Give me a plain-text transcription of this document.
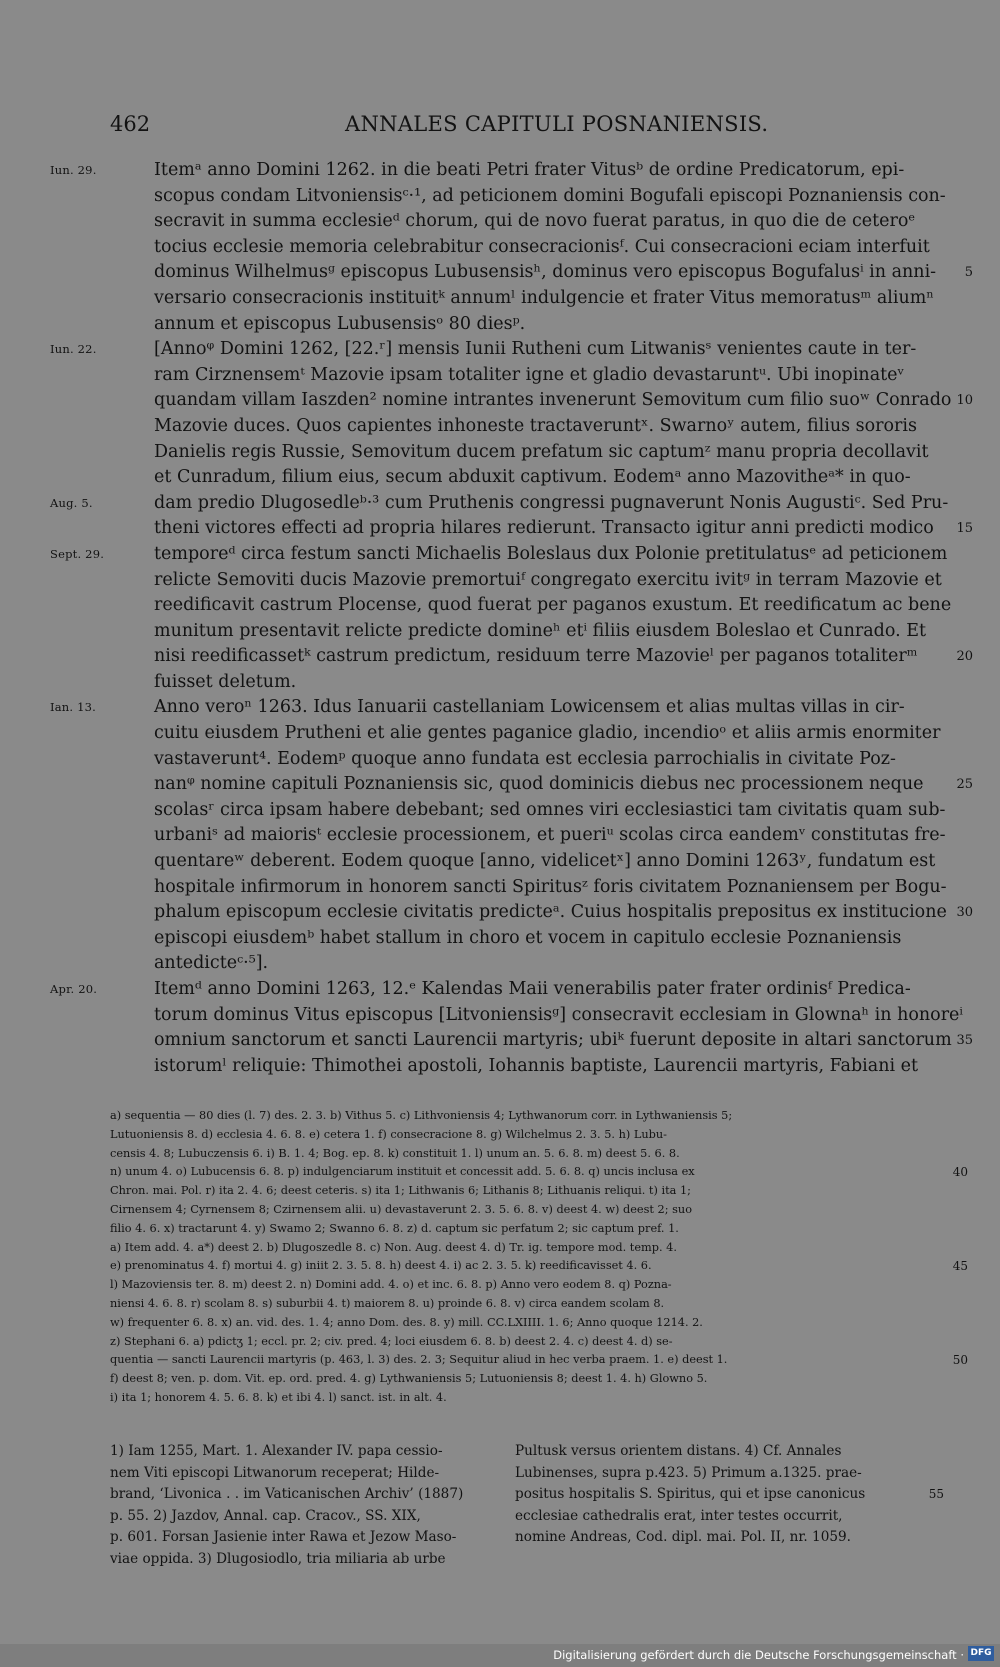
462	ANNALES CAPITULI POSNANIENSIS.
Iun. 29.	Itemᵃ anno Domini 1262. in die beati Petri frater Vitusᵇ de ordine Predicatorum, epi-
scopus condam Litvoniensisᶜ·¹, ad peticionem domini Bogufali episcopi Poznaniensis con-
secravit in summa ecclesieᵈ chorum, qui de novo fuerat paratus, in quo die de ceteroᵉ
tocius ecclesie memoria celebrabitur consecracionisᶠ. Cui consecracioni eciam interfuit
dominus Wilhelmusᵍ episcopus Lubusensisʰ, dominus vero episcopus Bogufalusⁱ in anni- 5
versario consecracionis instituitᵏ annumˡ indulgencie et frater Vitus memoratusᵐ aliumⁿ
annum et episcopus Lubusensisᵒ 80 diesᵖ.
Iun. 22.	[Annoᵠ Domini 1262, [22.ʳ] mensis Iunii Rutheni cum Litwanisˢ venientes caute in ter-
ram Cirznensemᵗ Mazovie ipsam totaliter igne et gladio devastaruntᵘ. Ubi inopinateᵛ
quandam villam Iaszden² nomine intrantes invenerunt Semovitum cum filio suoʷ Conrado 10
Mazovie duces. Quos capientes inhoneste tractaveruntˣ. Swarnoʸ autem, filius sororis
Danielis regis Russie, Semovitum ducem prefatum sic captumᶻ manu propria decollavit
et Cunradum, filium eius, secum abduxit captivum. Eodemᵃ anno Mazovitheᵃ* in quo-
Aug. 5.	dam predio Dlugosedleᵇ·³ cum Pruthenis congressi pugnaverunt Nonis Augustiᶜ. Sed Pru-
theni victores effecti ad propria hilares redierunt. Transacto igitur anni predicti modico	15
Sept. 29.	temporeᵈ circa festum sancti Michaelis Boleslaus dux Polonie pretitulatusᵉ ad peticionem
relicte Semoviti ducis Mazovie premortuiᶠ congregato exercitu ivitᵍ in terram Mazovie et
reedificavit castrum Plocense, quod fuerat per paganos exustum. Et reedificatum ac bene
munitum presentavit relicte predicte domineʰ etⁱ filiis eiusdem Boleslao et Cunrado. Et
nisi reedificassetᵏ castrum predictum, residuum terre Mazovieˡ per paganos totaliterᵐ	20
fuisset deletum.
Ian. 13.	Anno veroⁿ 1263. Idus Ianuarii castellaniam Lowicensem et alias multas villas in cir-
cuitu eiusdem Prutheni et alie gentes paganice gladio, incendioᵒ et aliis armis enormiter
vastaverunt⁴. Eodemᵖ quoque anno fundata est ecclesia parrochialis in civitate Poz-
nanᵠ nomine capituli Poznaniensis sic, quod dominicis diebus nec processionem neque	25
scolasʳ circa ipsam habere debebant; sed omnes viri ecclesiastici tam civitatis quam sub-
urbaniˢ ad maiorisᵗ ecclesie processionem, et pueriᵘ scolas circa eandemᵛ constitutas fre-
quentareʷ deberent. Eodem quoque [anno, videlicetˣ] anno Domini 1263ʸ, fundatum est
hospitale infirmorum in honorem sancti Spiritusᶻ foris civitatem Poznaniensem per Bogu-
phalum episcopum ecclesie civitatis predicteᵃ. Cuius hospitalis prepositus ex institucione 30
episcopi eiusdemᵇ habet stallum in choro et vocem in capitulo ecclesie Poznaniensis
antedicteᶜ·⁵].
Apr. 20.	Itemᵈ anno Domini 1263, 12.ᵉ Kalendas Maii venerabilis pater frater ordinisᶠ Predica-
torum dominus Vitus episcopus [Litvoniensisᵍ] consecravit ecclesiam in Glownaʰ in honoreⁱ
omnium sanctorum et sancti Laurencii martyris; ubiᵏ fuerunt deposite in altari sanctorum 35
istorumˡ reliquie: Thimothei apostoli, Iohannis baptiste, Laurencii martyris, Fabiani et
a) sequentia — 80 dies (l. 7) des. 2. 3. b) Vithus 5. c) Lithvoniensis 4; Lythwanorum corr. in Lythwaniensis 5;
Lutuoniensis 8. d) ecclesia 4. 6. 8. e) cetera 1. f) consecracione 8. g) Wilchelmus 2. 3. 5. h) Lubu-
censis 4. 8; Lubuczensis 6. i) B. 1. 4; Bog. ep. 8. k) constituit 1. l) unum an. 5. 6. 8. m) deest 5. 6. 8.
n) unum 4. o) Lubucensis 6. 8. p) indulgenciarum instituit et concessit add. 5. 6. 8. q) uncis inclusa ex	40
Chron. mai. Pol. r) ita 2. 4. 6; deest ceteris. s) ita 1; Lithwanis 6; Lithanis 8; Lithuanis reliqui. t) ita 1;
Cirnensem 4; Cyrnensem 8; Czirnensem alii. u) devastaverunt 2. 3. 5. 6. 8. v) deest 4. w) deest 2; suo
filio 4. 6. x) tractarunt 4. y) Swamo 2; Swanno 6. 8. z) d. captum sic perfatum 2; sic captum pref. 1.
a) Item add. 4. a*) deest 2. b) Dlugoszedle 8. c) Non. Aug. deest 4. d) Tr. ig. tempore mod. temp. 4.
e) prenominatus 4. f) mortui 4. g) iniit 2. 3. 5. 8. h) deest 4. i) ac 2. 3. 5. k) reedificavisset 4. 6.	45
l) Mazoviensis ter. 8. m) deest 2. n) Domini add. 4. o) et inc. 6. 8. p) Anno vero eodem 8. q) Pozna-
niensi 4. 6. 8. r) scolam 8. s) suburbii 4. t) maiorem 8. u) proinde 6. 8. v) circa eandem scolam 8.
w) frequenter 6. 8. x) an. vid. des. 1. 4; anno Dom. des. 8. y) mill. CC.LXIIII. 1. 6; Anno quoque 1214. 2.
z) Stephani 6. a) pdictʒ 1; eccl. pr. 2; civ. pred. 4; loci eiusdem 6. 8. b) deest 2. 4. c) deest 4. d) se-
quentia — sancti Laurencii martyris (p. 463, l. 3) des. 2. 3; Sequitur aliud in hec verba praem. 1. e) deest 1.	50
f) deest 8; ven. p. dom. Vit. ep. ord. pred. 4. g) Lythwaniensis 5; Lutuoniensis 8; deest 1. 4. h) Glowno 5.
i) ita 1; honorem 4. 5. 6. 8. k) et ibi 4. l) sanct. ist. in alt. 4.
1) Iam 1255, Mart. 1. Alexander IV. papa cessio-
nem Viti episcopi Litwanorum receperat; Hilde-
brand, ‘Livonica . . im Vaticanischen Archiv’ (1887)
p. 55. 2) Jazdov, Annal. cap. Cracov., SS. XIX,
p. 601. Forsan Jasienie inter Rawa et Jezow Maso-
viae oppida. 3) Dlugosiodlo, tria miliaria ab urbe
Pultusk versus orientem distans. 4) Cf. Annales
Lubinenses, supra p.423. 5) Primum a.1325. prae-
positus hospitalis S. Spiritus, qui et ipse canonicus	55
ecclesiae cathedralis erat, inter testes occurrit,
nomine Andreas, Cod. dipl. mai. Pol. II, nr. 1059.
Digitalisierung gefördert durch die Deutsche Forschungsgemeinschaft · DFG
